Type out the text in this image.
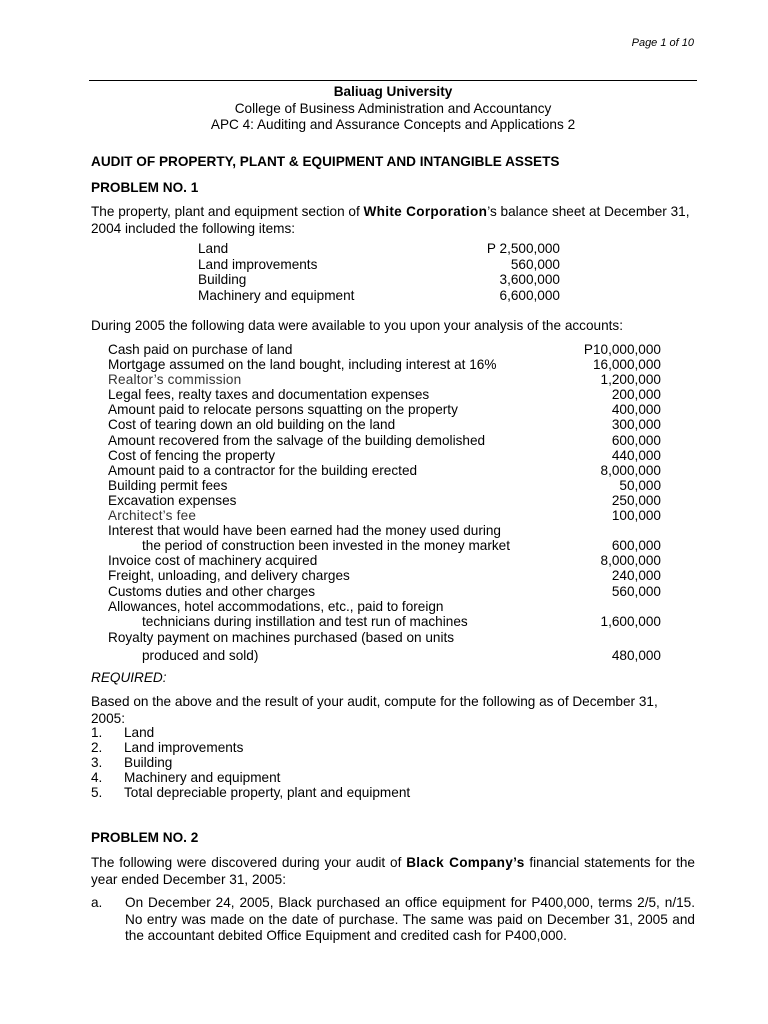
Page 1 of 10
Baliuag University
College of Business Administration and Accountancy
APC 4: Auditing and Assurance Concepts and Applications 2
AUDIT OF PROPERTY, PLANT & EQUIPMENT AND INTANGIBLE ASSETS
PROBLEM NO. 1
The property, plant and equipment section of White Corporation’s balance sheet at December 31, 2004 included the following items:
Land	P 2,500,000
Land improvements	560,000
Building	3,600,000
Machinery and equipment	6,600,000
During 2005 the following data were available to you upon your analysis of the accounts:
Cash paid on purchase of land	P10,000,000
Mortgage assumed on the land bought, including interest at 16%	16,000,000
Realtor’s commission	1,200,000
Legal fees, realty taxes and documentation expenses	200,000
Amount paid to relocate persons squatting on the property	400,000
Cost of tearing down an old building on the land	300,000
Amount recovered from the salvage of the building demolished	600,000
Cost of fencing the property	440,000
Amount paid to a contractor for the building erected	8,000,000
Building permit fees	50,000
Excavation expenses	250,000
Architect’s fee	100,000
Interest that would have been earned had the money used during
the period of construction been invested in the money market	600,000
Invoice cost of machinery acquired	8,000,000
Freight, unloading, and delivery charges	240,000
Customs duties and other charges	560,000
Allowances, hotel accommodations, etc., paid to foreign
technicians during instillation and test run of machines	1,600,000
Royalty payment on machines purchased (based on units
produced and sold)	480,000
REQUIRED:
Based on the above and the result of your audit, compute for the following as of December 31, 2005:
1.	Land
2.	Land improvements
3.	Building
4.	Machinery and equipment
5.	Total depreciable property, plant and equipment
PROBLEM NO. 2
The following were discovered during your audit of Black Company’s financial statements for the year ended December 31, 2005:
a.	On December 24, 2005, Black purchased an office equipment for P400,000, terms 2/5, n/15. No entry was made on the date of purchase. The same was paid on December 31, 2005 and the accountant debited Office Equipment and credited cash for P400,000.
